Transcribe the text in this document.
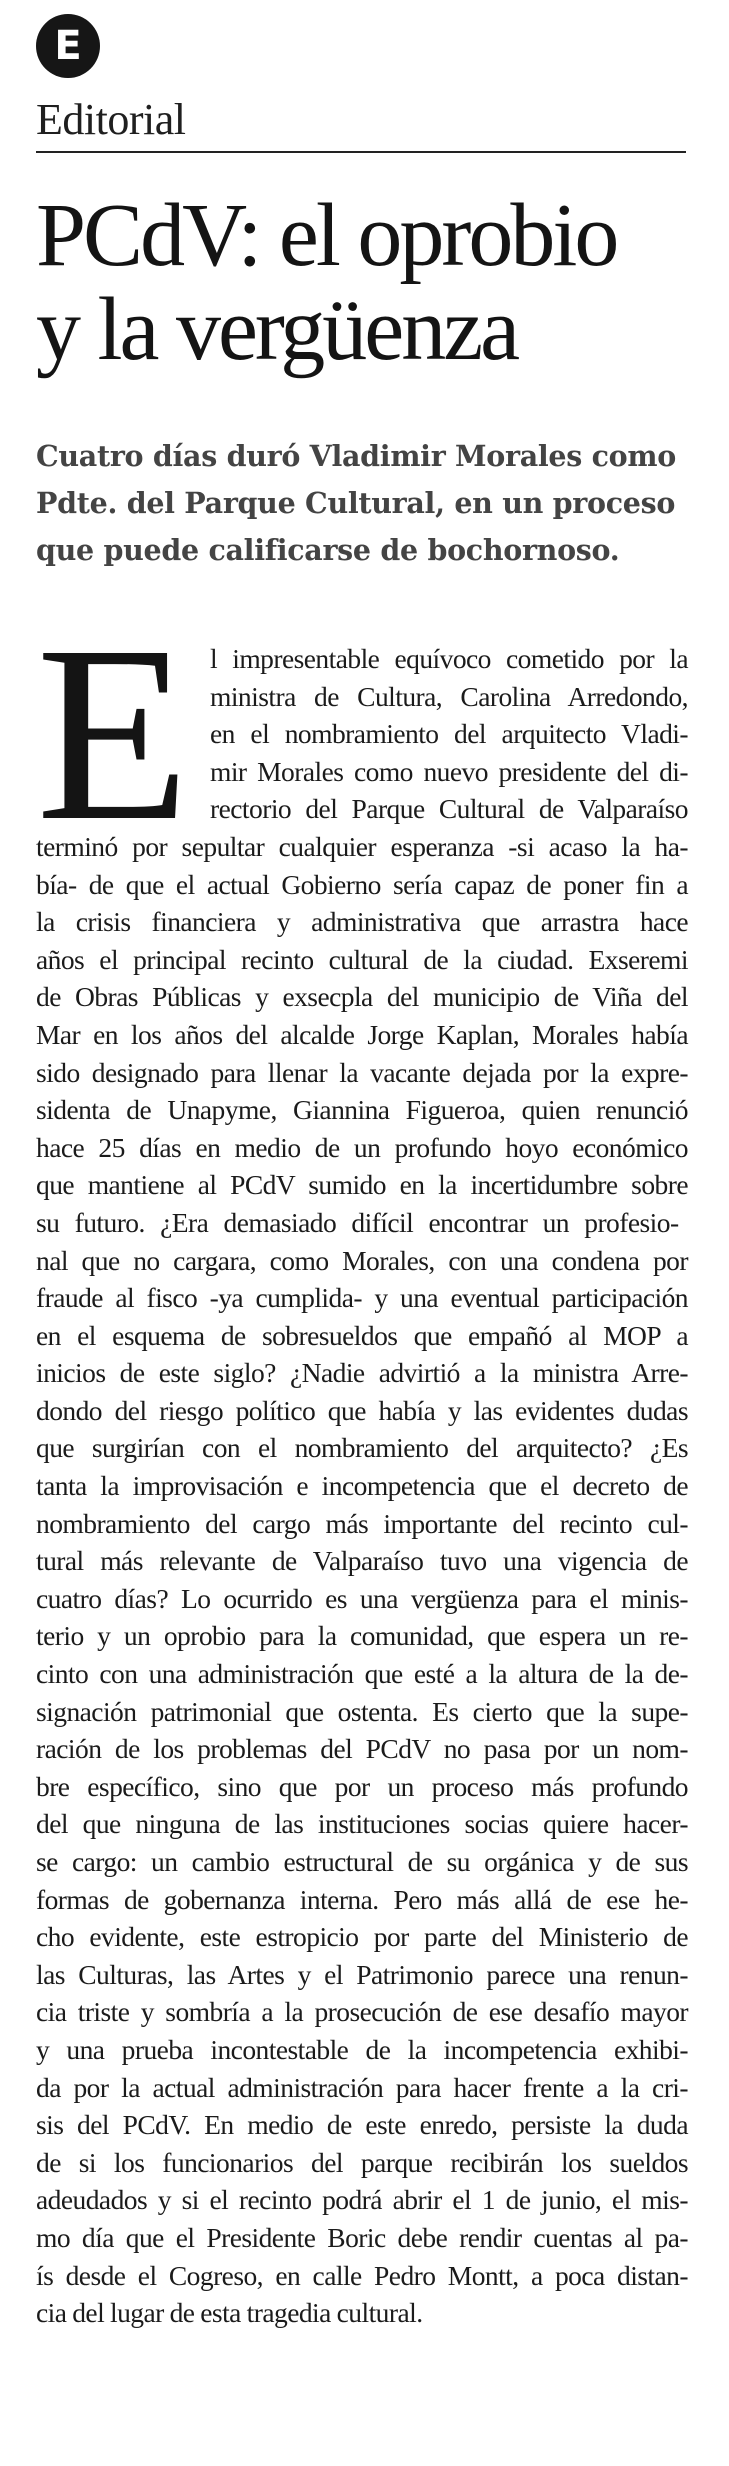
E
Editorial
PCdV: el oprobio
y la vergüenza
Cuatro días duró Vladimir Morales como
Pdte. del Parque Cultural, en un proceso
que puede calificarse de bochornoso.
E l impresentable equívoco cometido por la
ministra de Cultura, Carolina Arredondo,
en el nombramiento del arquitecto Vladi-
mir Morales como nuevo presidente del di-
rectorio del Parque Cultural de Valparaíso
terminó por sepultar cualquier esperanza -si acaso la ha-
bía- de que el actual Gobierno sería capaz de poner fin a
la crisis financiera y administrativa que arrastra hace
años el principal recinto cultural de la ciudad. Exseremi
de Obras Públicas y exsecpla del municipio de Viña del
Mar en los años del alcalde Jorge Kaplan, Morales había
sido designado para llenar la vacante dejada por la expre-
sidenta de Unapyme, Giannina Figueroa, quien renunció
hace 25 días en medio de un profundo hoyo económico
que mantiene al PCdV sumido en la incertidumbre sobre
su futuro. ¿Era demasiado difícil encontrar un profesio-
nal que no cargara, como Morales, con una condena por
fraude al fisco -ya cumplida- y una eventual participación
en el esquema de sobresueldos que empañó al MOP a
inicios de este siglo? ¿Nadie advirtió a la ministra Arre-
dondo del riesgo político que había y las evidentes dudas
que surgirían con el nombramiento del arquitecto? ¿Es
tanta la improvisación e incompetencia que el decreto de
nombramiento del cargo más importante del recinto cul-
tural más relevante de Valparaíso tuvo una vigencia de
cuatro días? Lo ocurrido es una vergüenza para el minis-
terio y un oprobio para la comunidad, que espera un re-
cinto con una administración que esté a la altura de la de-
signación patrimonial que ostenta. Es cierto que la supe-
ración de los problemas del PCdV no pasa por un nom-
bre específico, sino que por un proceso más profundo
del que ninguna de las instituciones socias quiere hacer-
se cargo: un cambio estructural de su orgánica y de sus
formas de gobernanza interna. Pero más allá de ese he-
cho evidente, este estropicio por parte del Ministerio de
las Culturas, las Artes y el Patrimonio parece una renun-
cia triste y sombría a la prosecución de ese desafío mayor
y una prueba incontestable de la incompetencia exhibi-
da por la actual administración para hacer frente a la cri-
sis del PCdV. En medio de este enredo, persiste la duda
de si los funcionarios del parque recibirán los sueldos
adeudados y si el recinto podrá abrir el 1 de junio, el mis-
mo día que el Presidente Boric debe rendir cuentas al pa-
ís desde el Cogreso, en calle Pedro Montt, a poca distan-
cia del lugar de esta tragedia cultural.
